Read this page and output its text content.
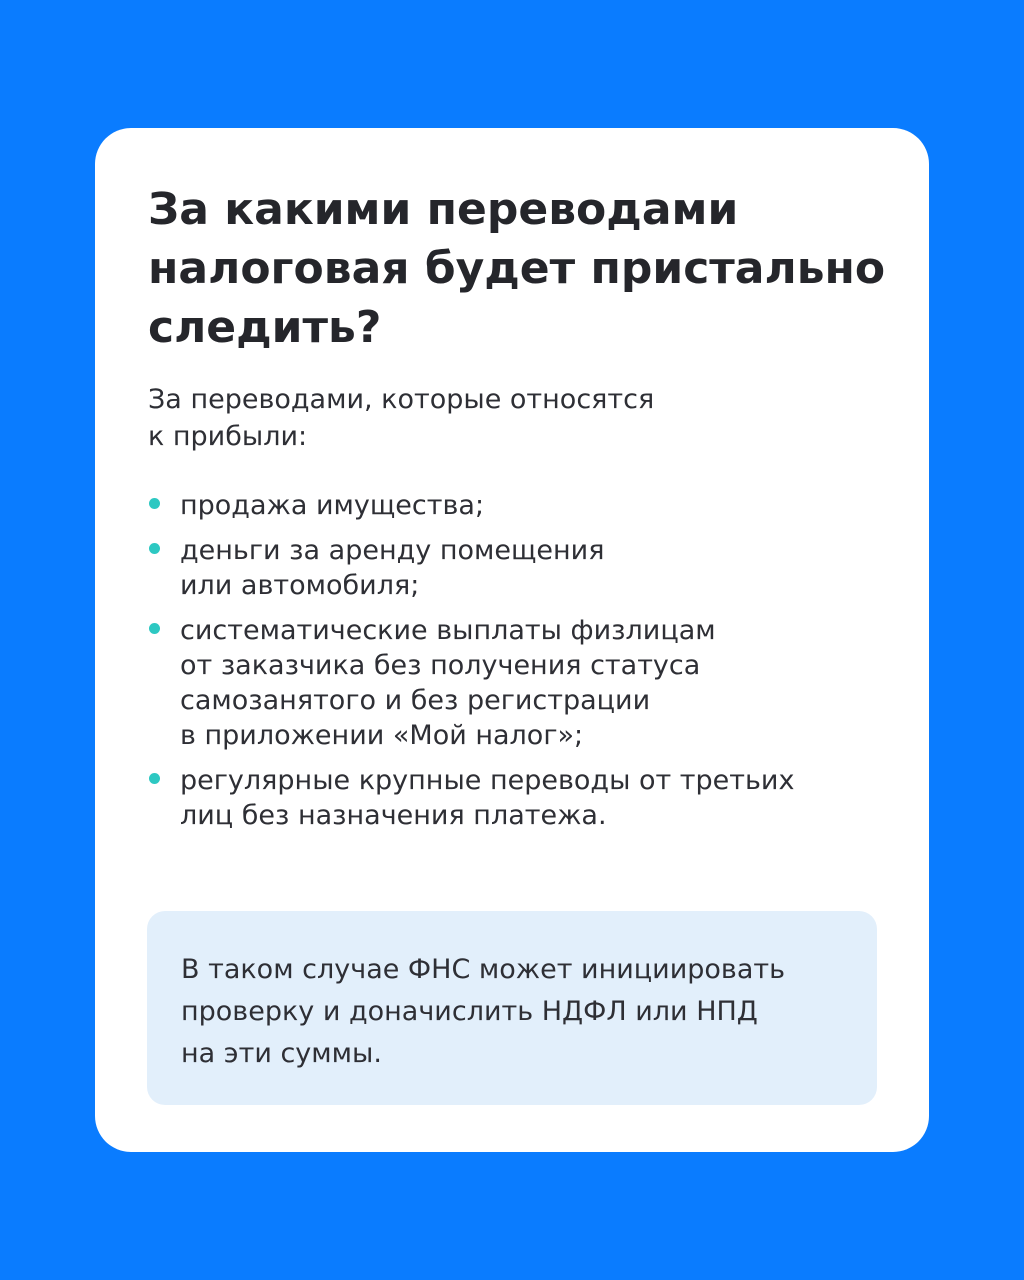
За какими переводами
налоговая будет пристально
следить?

За переводами, которые относятся
к прибыли:

продажа имущества;
деньги за аренду помещения
или автомобиля;
систематические выплаты физлицам
от заказчика без получения статуса
самозанятого и без регистрации
в приложении «Мой налог»;
регулярные крупные переводы от третьих
лиц без назначения платежа.

В таком случае ФНС может инициировать
проверку и доначислить НДФЛ или НПД
на эти суммы.
